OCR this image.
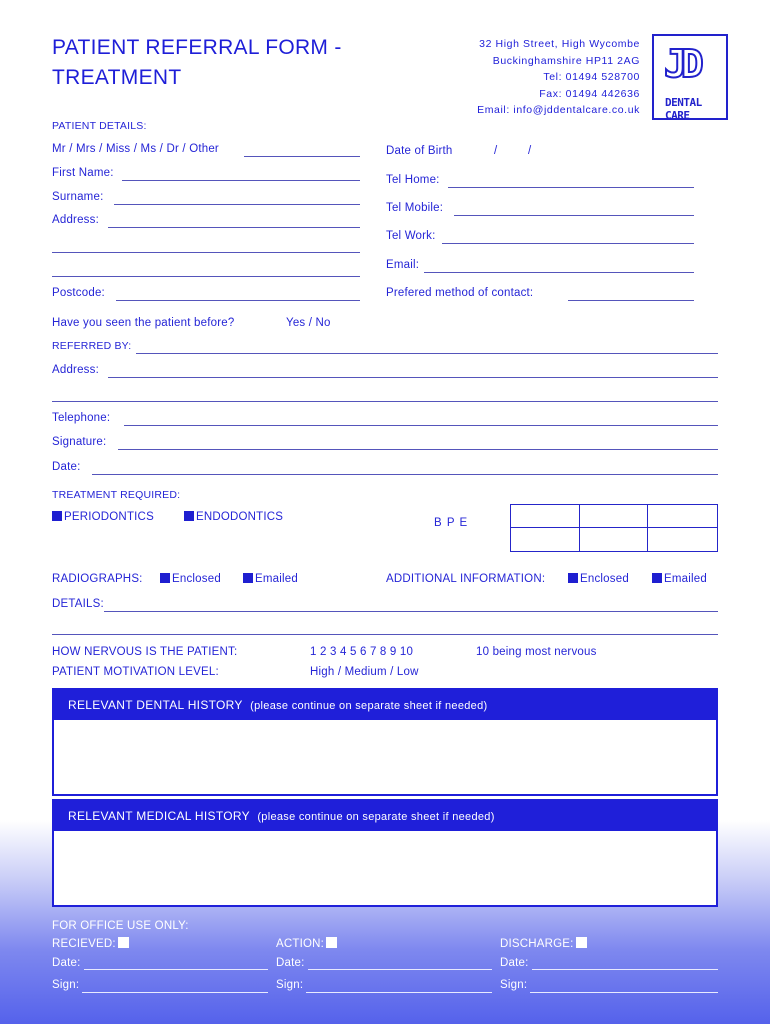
PATIENT REFERRAL FORM -
TREATMENT
32 High Street, High Wycombe
Buckinghamshire HP11 2AG
Tel: 01494 528700
Fax: 01494 442636
Email: info@jddentalcare.co.uk
JD
DENTAL CARE
PATIENT DETAILS:
Mr / Mrs / Miss / Ms / Dr / Other
First Name:
Surname:
Address:
Postcode:
Date of Birth	/	/
Tel Home:
Tel Mobile:
Tel Work:
Email:
Prefered method of contact:
Have you seen the patient before?	Yes / No
REFERRED BY:
Address:
Telephone:
Signature:
Date:
TREATMENT REQUIRED:
PERIODONTICS	ENDODONTICS	B P E
RADIOGRAPHS:	Enclosed	Emailed	ADDITIONAL INFORMATION:	Enclosed	Emailed
DETAILS:
HOW NERVOUS IS THE PATIENT:	1 2 3 4 5 6 7 8 9 10	10 being most nervous
PATIENT MOTIVATION LEVEL:	High / Medium / Low
RELEVANT DENTAL HISTORY (please continue on separate sheet if needed)
RELEVANT MEDICAL HISTORY (please continue on separate sheet if needed)
FOR OFFICE USE ONLY:
RECIEVED:	ACTION:	DISCHARGE:
Date:	Date:	Date:
Sign:	Sign:	Sign:
